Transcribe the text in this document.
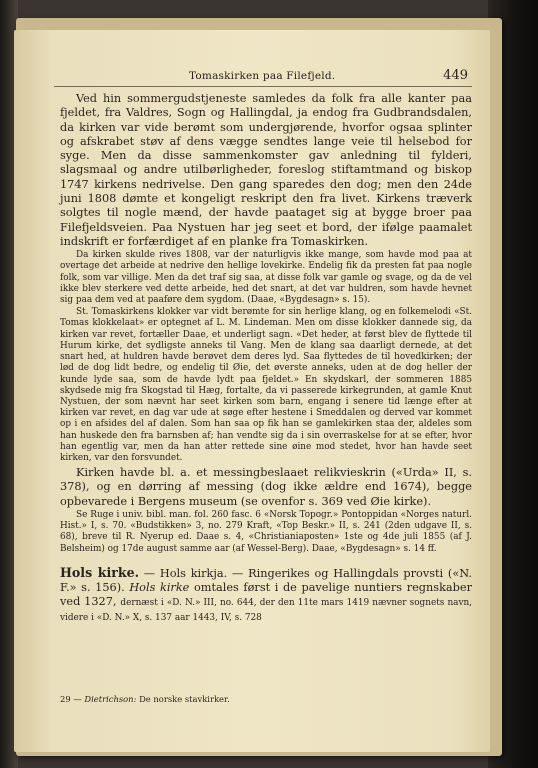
Tomaskirken paa Filefjeld.	449

Ved hin sommergudstjeneste samledes da folk fra alle kanter paa fjeldet, fra Valdres, Sogn og Hallingdal, ja endog fra Gudbrandsdalen, da kirken var vide berømt som undergjørende, hvorfor ogsaa splinter og afskrabet støv af dens vægge sendtes lange veie til helsebod for syge. Men da disse sammenkomster gav anledning til fylderi, slagsmaal og andre utilbørligheder, foreslog stiftamtmand og biskop 1747 kirkens nedrivelse. Den gang sparedes den dog; men den 24de juni 1808 dømte et kongeligt reskript den fra livet. Kirkens træverk solgtes til nogle mænd, der havde paataget sig at bygge broer paa Filefjeldsveien. Paa Nystuen har jeg seet et bord, der ifølge paamalet indskrift er forfærdiget af en planke fra Tomaskirken.

Da kirken skulde rives 1808, var der naturligvis ikke mange, som havde mod paa at overtage det arbeide at nedrive den hellige lovekirke. Endelig fik da presten fat paa nogle folk, som var villige. Men da det traf sig saa, at disse folk var gamle og svage, og da de vel ikke blev sterkere ved dette arbeide, hed det snart, at det var huldren, som havde hevnet sig paa dem ved at paaføre dem sygdom. (Daae, «Bygdesagn» s. 15).

St. Tomaskirkens klokker var vidt berømte for sin herlige klang, og en folkemelodi «St. Tomas klokkelaat» er optegnet af L. M. Lindeman. Men om disse klokker dannede sig, da kirken var revet, fortæller Daae, et underligt sagn. «Det heder, at først blev de flyttede til Hurum kirke, det sydligste anneks til Vang. Men de klang saa daarligt dernede, at det snart hed, at huldren havde berøvet dem deres lyd. Saa flyttedes de til hovedkirken; der lød de dog lidt bedre, og endelig til Øie, det øverste anneks, uden at de dog heller der kunde lyde saa, som de havde lydt paa fjeldet.» En skydskarl, der sommeren 1885 skydsede mig fra Skogstad til Hæg, fortalte, da vi passerede kirkegrunden, at gamle Knut Nystuen, der som nævnt har seet kirken som barn, engang i senere tid længe efter at kirken var revet, en dag var ude at søge efter hestene i Smeddalen og derved var kommet op i en afsides del af dalen. Som han saa op fik han se gamlekirken staa der, aldeles som han huskede den fra barnsben af; han vendte sig da i sin overraskelse for at se efter, hvor han egentlig var, men da han atter rettede sine øine mod stedet, hvor han havde seet kirken, var den forsvundet.

Kirken havde bl. a. et messingbeslaaet relikvieskrin («Urda» II, s. 378), og en dørring af messing (dog ikke ældre end 1674), begge opbevarede i Bergens museum (se ovenfor s. 369 ved Øie kirke).

Se Ruge i univ. bibl. man. fol. 260 fasc. 6 «Norsk Topogr.» Pontoppidan «Norges naturl. Hist.» I, s. 70. «Budstikken» 3, no. 279 Kraft, «Top Beskr.» II, s. 241 (2den udgave II, s. 68), breve til R. Nyerup ed. Daae s. 4, «Christianiaposten» 1ste og 4de juli 1855 (af J. Belsheim) og 17de august samme aar (af Wessel-Berg). Daae, «Bygdesagn» s. 14 ff.

Hols kirke. — Hols kirkja. — Ringerikes og Hallingdals provsti («N. F.» s. 156). Hols kirke omtales først i de pavelige nuntiers regnskaber ved 1327, dernæst i «D. N.» III, no. 644, der den 11te mars 1419 nævner sognets navn, videre i «D. N.» X, s. 137 aar 1443, IV, s. 728

29 — Dietrichson: De norske stavkirker.
